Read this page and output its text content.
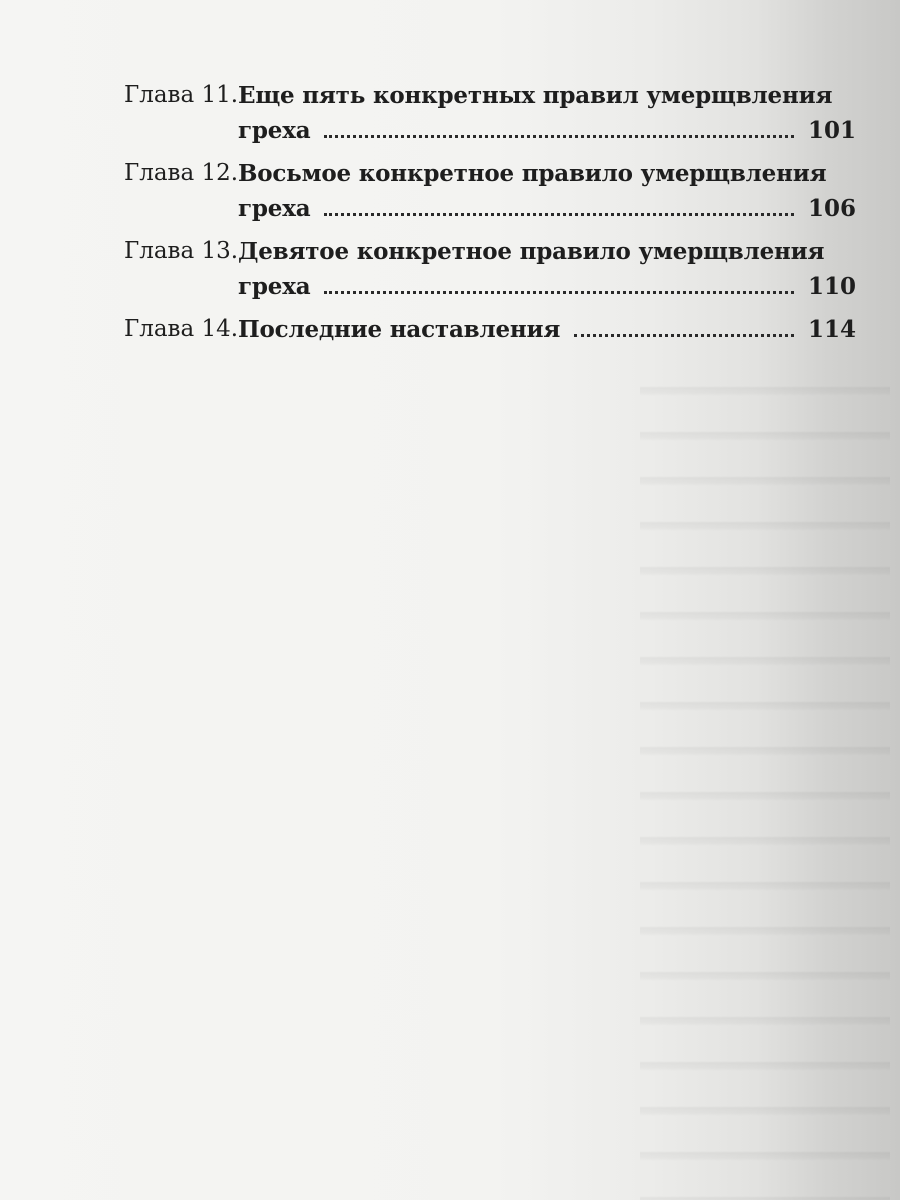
Глава 11. Еще пять конкретных правил умерщвления
греха	101
Глава 12. Восьмое конкретное правило умерщвления
греха	106
Глава 13. Девятое конкретное правило умерщвления
греха	110
Глава 14. Последние наставления	114
